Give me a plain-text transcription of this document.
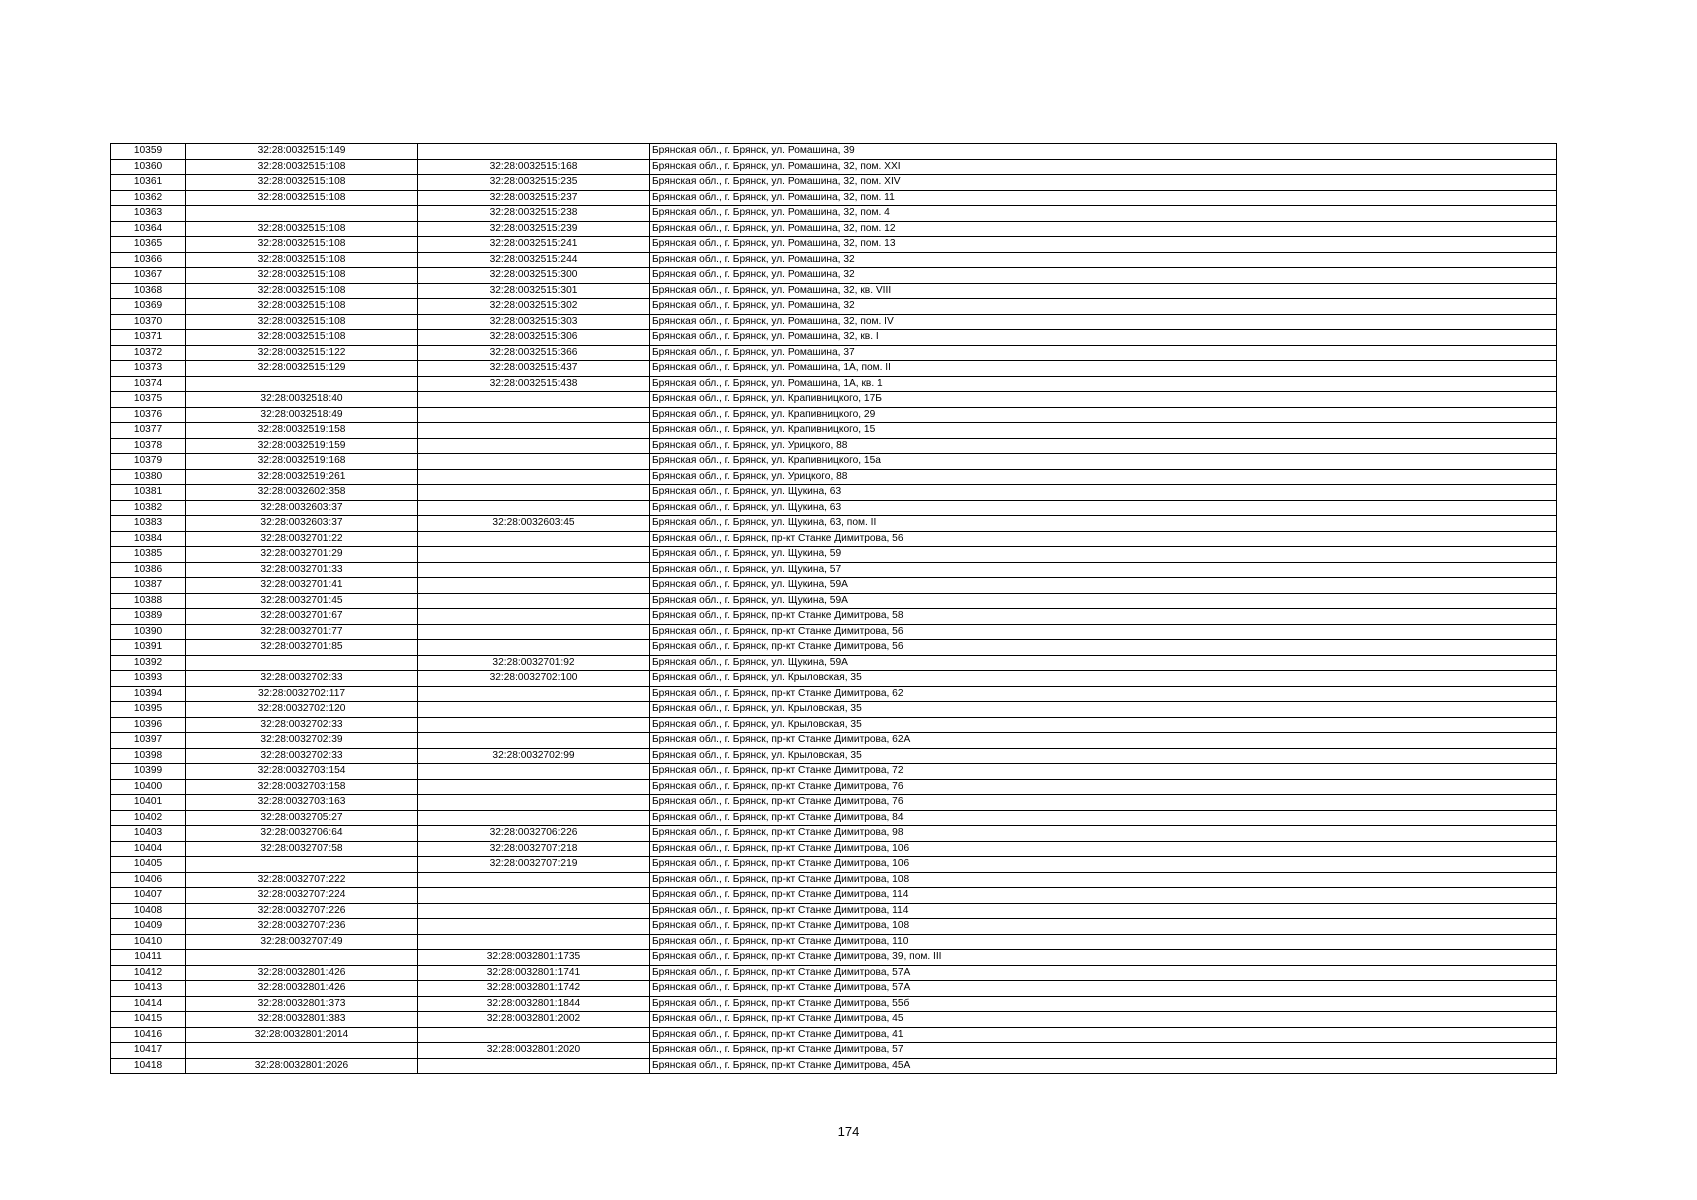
10359	32:28:0032515:149		Брянская обл., г. Брянск, ул. Ромашина, 39
10360	32:28:0032515:108	32:28:0032515:168	Брянская обл., г. Брянск, ул. Ромашина, 32, пом. XXI
10361	32:28:0032515:108	32:28:0032515:235	Брянская обл., г. Брянск, ул. Ромашина, 32, пом. XIV
10362	32:28:0032515:108	32:28:0032515:237	Брянская обл., г. Брянск, ул. Ромашина, 32, пом. 11
10363		32:28:0032515:238	Брянская обл., г. Брянск, ул. Ромашина, 32, пом. 4
10364	32:28:0032515:108	32:28:0032515:239	Брянская обл., г. Брянск, ул. Ромашина, 32, пом. 12
10365	32:28:0032515:108	32:28:0032515:241	Брянская обл., г. Брянск, ул. Ромашина, 32, пом. 13
10366	32:28:0032515:108	32:28:0032515:244	Брянская обл., г. Брянск, ул. Ромашина, 32
10367	32:28:0032515:108	32:28:0032515:300	Брянская обл., г. Брянск, ул. Ромашина, 32
10368	32:28:0032515:108	32:28:0032515:301	Брянская обл., г. Брянск, ул. Ромашина, 32, кв. VIII
10369	32:28:0032515:108	32:28:0032515:302	Брянская обл., г. Брянск, ул. Ромашина, 32
10370	32:28:0032515:108	32:28:0032515:303	Брянская обл., г. Брянск, ул. Ромашина, 32, пом. IV
10371	32:28:0032515:108	32:28:0032515:306	Брянская обл., г. Брянск, ул. Ромашина, 32, кв. I
10372	32:28:0032515:122	32:28:0032515:366	Брянская обл., г. Брянск, ул. Ромашина, 37
10373	32:28:0032515:129	32:28:0032515:437	Брянская обл., г. Брянск, ул. Ромашина, 1А, пом. II
10374		32:28:0032515:438	Брянская обл., г. Брянск, ул. Ромашина, 1А, кв. 1
10375	32:28:0032518:40		Брянская обл., г. Брянск, ул. Крапивницкого, 17Б
10376	32:28:0032518:49		Брянская обл., г. Брянск, ул. Крапивницкого, 29
10377	32:28:0032519:158		Брянская обл., г. Брянск, ул. Крапивницкого, 15
10378	32:28:0032519:159		Брянская обл., г. Брянск, ул. Урицкого, 88
10379	32:28:0032519:168		Брянская обл., г. Брянск, ул. Крапивницкого, 15а
10380	32:28:0032519:261		Брянская обл., г. Брянск, ул. Урицкого, 88
10381	32:28:0032602:358		Брянская обл., г. Брянск, ул. Щукина, 63
10382	32:28:0032603:37		Брянская обл., г. Брянск, ул. Щукина, 63
10383	32:28:0032603:37	32:28:0032603:45	Брянская обл., г. Брянск, ул. Щукина, 63, пом. II
10384	32:28:0032701:22		Брянская обл., г. Брянск, пр-кт Станке Димитрова, 56
10385	32:28:0032701:29		Брянская обл., г. Брянск, ул. Щукина, 59
10386	32:28:0032701:33		Брянская обл., г. Брянск, ул. Щукина, 57
10387	32:28:0032701:41		Брянская обл., г. Брянск, ул. Щукина, 59А
10388	32:28:0032701:45		Брянская обл., г. Брянск, ул. Щукина, 59А
10389	32:28:0032701:67		Брянская обл., г. Брянск, пр-кт Станке Димитрова, 58
10390	32:28:0032701:77		Брянская обл., г. Брянск, пр-кт Станке Димитрова, 56
10391	32:28:0032701:85		Брянская обл., г. Брянск, пр-кт Станке Димитрова, 56
10392		32:28:0032701:92	Брянская обл., г. Брянск, ул. Щукина, 59А
10393	32:28:0032702:33	32:28:0032702:100	Брянская обл., г. Брянск, ул. Крыловская, 35
10394	32:28:0032702:117		Брянская обл., г. Брянск, пр-кт Станке Димитрова, 62
10395	32:28:0032702:120		Брянская обл., г. Брянск, ул. Крыловская, 35
10396	32:28:0032702:33		Брянская обл., г. Брянск, ул. Крыловская, 35
10397	32:28:0032702:39		Брянская обл., г. Брянск, пр-кт Станке Димитрова, 62А
10398	32:28:0032702:33	32:28:0032702:99	Брянская обл., г. Брянск, ул. Крыловская, 35
10399	32:28:0032703:154		Брянская обл., г. Брянск, пр-кт Станке Димитрова, 72
10400	32:28:0032703:158		Брянская обл., г. Брянск, пр-кт Станке Димитрова, 76
10401	32:28:0032703:163		Брянская обл., г. Брянск, пр-кт Станке Димитрова, 76
10402	32:28:0032705:27		Брянская обл., г. Брянск, пр-кт Станке Димитрова, 84
10403	32:28:0032706:64	32:28:0032706:226	Брянская обл., г. Брянск, пр-кт Станке Димитрова, 98
10404	32:28:0032707:58	32:28:0032707:218	Брянская обл., г. Брянск, пр-кт Станке Димитрова, 106
10405		32:28:0032707:219	Брянская обл., г. Брянск, пр-кт Станке Димитрова, 106
10406	32:28:0032707:222		Брянская обл., г. Брянск, пр-кт Станке Димитрова, 108
10407	32:28:0032707:224		Брянская обл., г. Брянск, пр-кт Станке Димитрова, 114
10408	32:28:0032707:226		Брянская обл., г. Брянск, пр-кт Станке Димитрова, 114
10409	32:28:0032707:236		Брянская обл., г. Брянск, пр-кт Станке Димитрова, 108
10410	32:28:0032707:49		Брянская обл., г. Брянск, пр-кт Станке Димитрова, 110
10411		32:28:0032801:1735	Брянская обл., г. Брянск, пр-кт Станке Димитрова, 39, пом. III
10412	32:28:0032801:426	32:28:0032801:1741	Брянская обл., г. Брянск, пр-кт Станке Димитрова, 57А
10413	32:28:0032801:426	32:28:0032801:1742	Брянская обл., г. Брянск, пр-кт Станке Димитрова, 57А
10414	32:28:0032801:373	32:28:0032801:1844	Брянская обл., г. Брянск, пр-кт Станке Димитрова, 55б
10415	32:28:0032801:383	32:28:0032801:2002	Брянская обл., г. Брянск, пр-кт Станке Димитрова, 45
10416	32:28:0032801:2014		Брянская обл., г. Брянск, пр-кт Станке Димитрова, 41
10417		32:28:0032801:2020	Брянская обл., г. Брянск, пр-кт Станке Димитрова, 57
10418	32:28:0032801:2026		Брянская обл., г. Брянск, пр-кт Станке Димитрова, 45А
174
